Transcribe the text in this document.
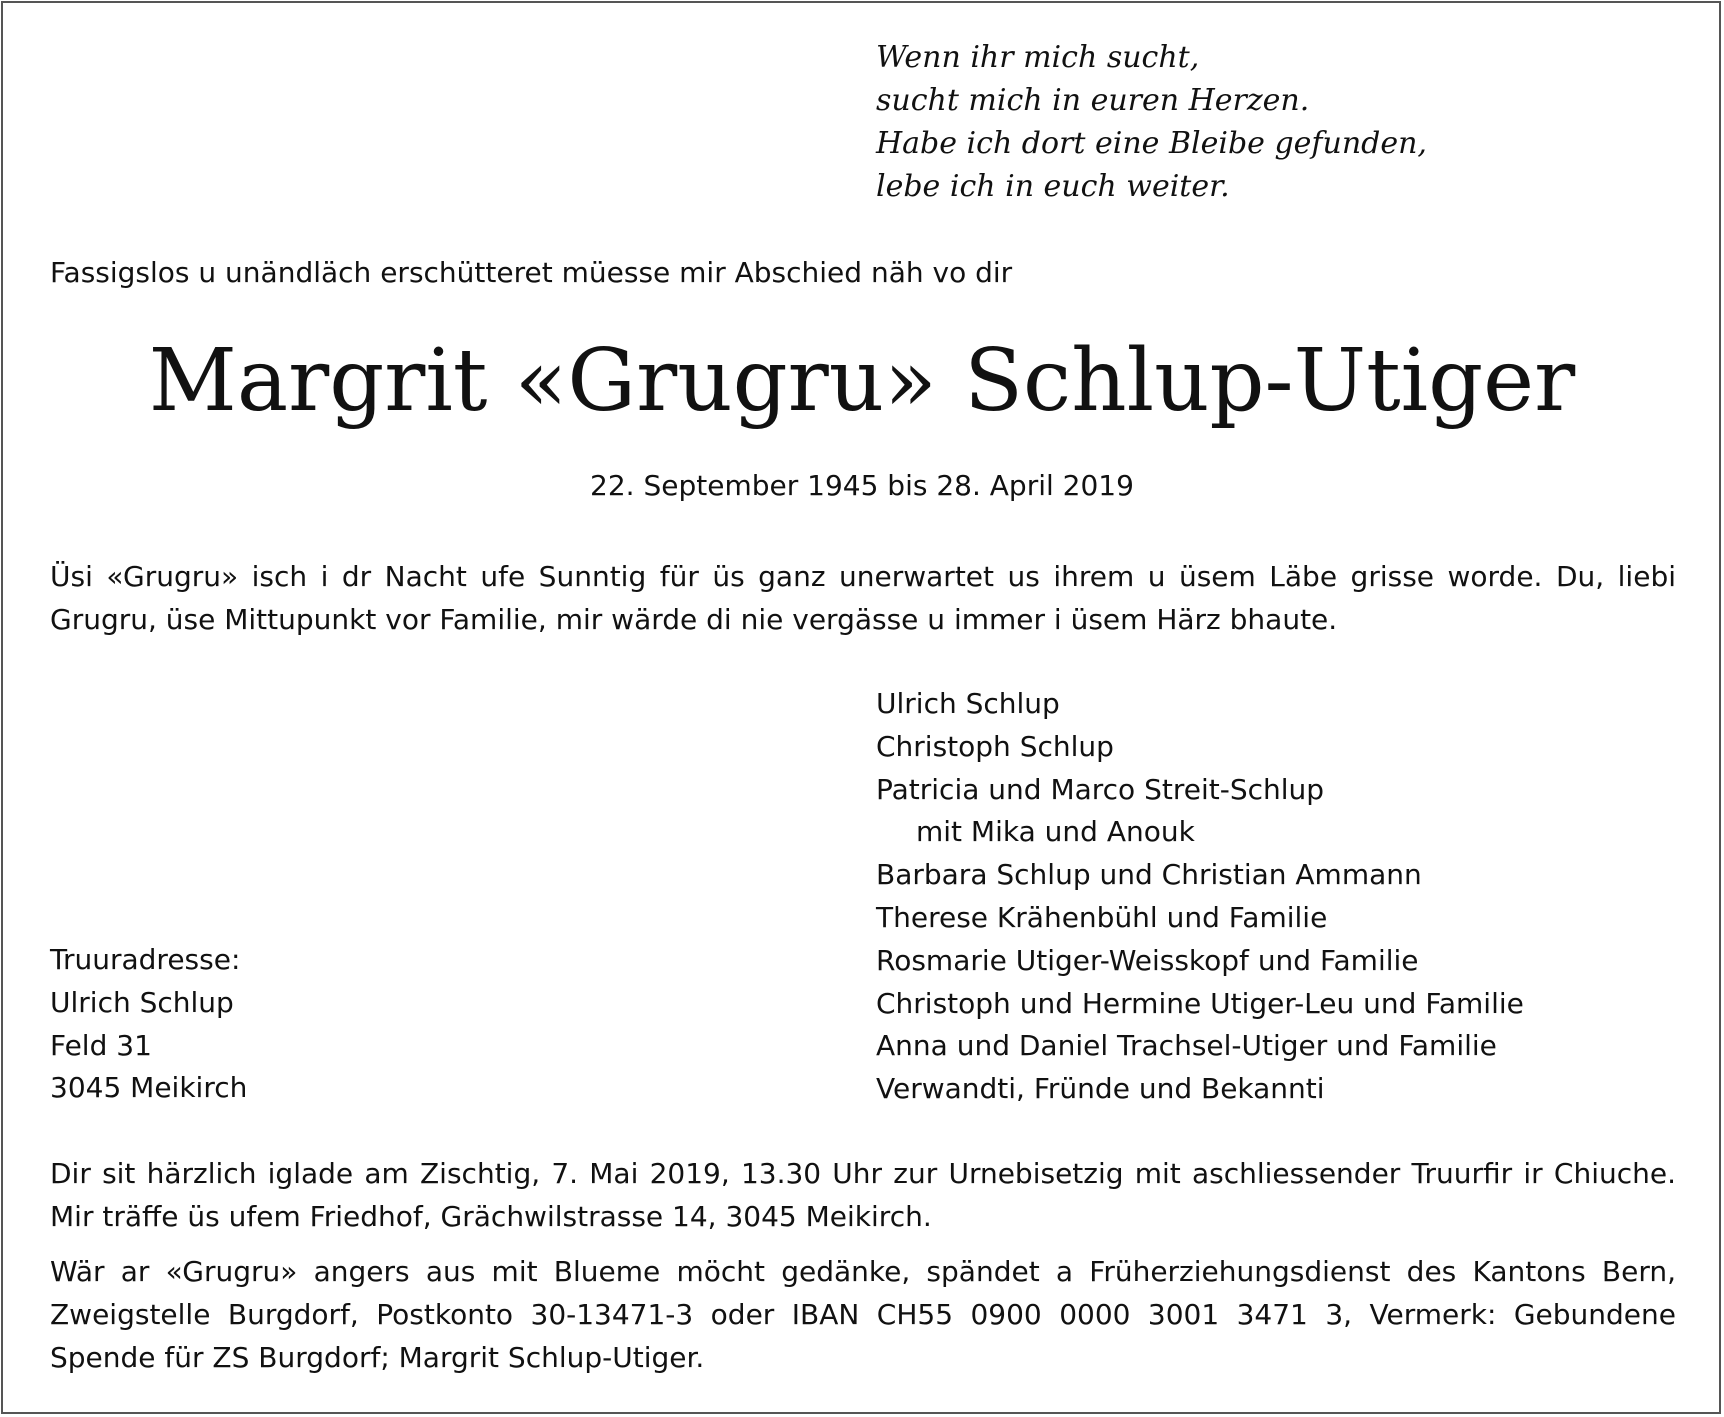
Wenn ihr mich sucht,
sucht mich in euren Herzen.
Habe ich dort eine Bleibe gefunden,
lebe ich in euch weiter.
Fassigslos u unändläch erschütteret müesse mir Abschied näh vo dir
Margrit «Grugru» Schlup-Utiger
22. September 1945 bis 28. April 2019
Üsi «Grugru» isch i dr Nacht ufe Sunntig für üs ganz unerwartet us ihrem u üsem Läbe grisse worde. Du, liebi Grugru, üse Mittupunkt vor Familie, mir wärde di nie vergässe u immer i üsem Härz bhaute.
Ulrich Schlup
Christoph Schlup
Patricia und Marco Streit-Schlup
mit Mika und Anouk
Barbara Schlup und Christian Ammann
Therese Krähenbühl und Familie
Rosmarie Utiger-Weisskopf und Familie
Christoph und Hermine Utiger-Leu und Familie
Anna und Daniel Trachsel-Utiger und Familie
Verwandti, Fründe und Bekannti
Truuradresse:
Ulrich Schlup
Feld 31
3045 Meikirch
Dir sit härzlich iglade am Zischtig, 7. Mai 2019, 13.30 Uhr zur Urnebisetzig mit aschliessender Truurfir ir Chiuche. Mir träffe üs ufem Friedhof, Grächwilstrasse 14, 3045 Meikirch.
Wär ar «Grugru» angers aus mit Blueme möcht gedänke, spändet a Früherziehungsdienst des Kantons Bern, Zweigstelle Burgdorf, Postkonto 30-13471-3 oder IBAN CH55 0900 0000 3001 3471 3, Vermerk: Gebundene Spende für ZS Burgdorf; Margrit Schlup-Utiger.
